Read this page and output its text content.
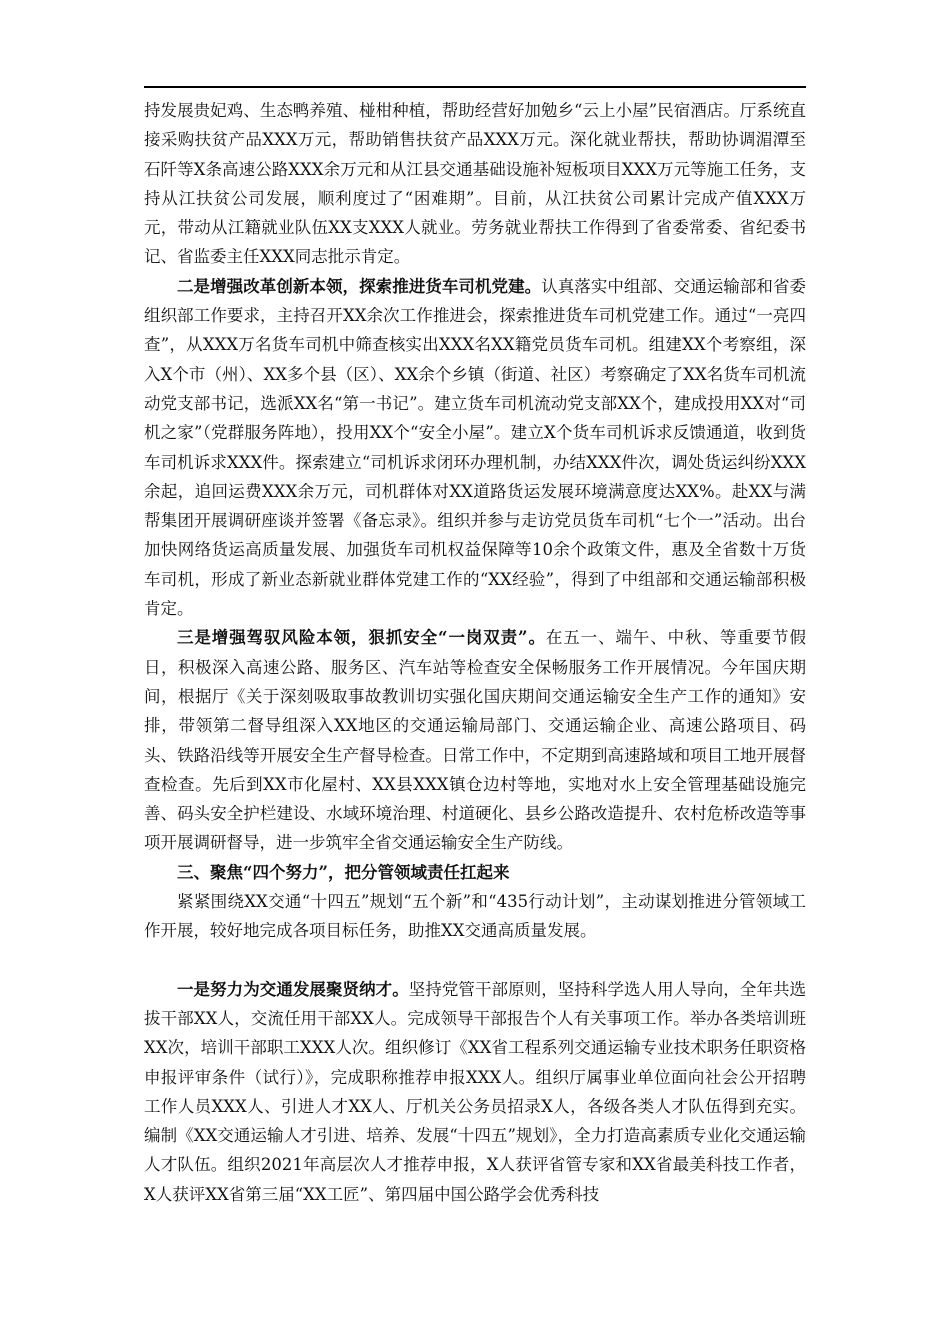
持发展贵妃鸡、生态鸭养殖、椪柑种植，帮助经营好加勉乡“云上小屋”民宿酒店。厅系统直接采购扶贫产品XXX万元，帮助销售扶贫产品XXX万元。深化就业帮扶，帮助协调湄潭至石阡等X条高速公路XXX余万元和从江县交通基础设施补短板项目XXX万元等施工任务，支持从江扶贫公司发展，顺利度过了“困难期”。目前，从江扶贫公司累计完成产值XXX万元，带动从江籍就业队伍XX支XXX人就业。劳务就业帮扶工作得到了省委常委、省纪委书记、省监委主任XXX同志批示肯定。

二是增强改革创新本领，探索推进货车司机党建。认真落实中组部、交通运输部和省委组织部工作要求，主持召开XX余次工作推进会，探索推进货车司机党建工作。通过“一亮四查”，从XXX万名货车司机中筛查核实出XXX名XX籍党员货车司机。组建XX个考察组，深入X个市（州）、XX多个县（区）、XX余个乡镇（街道、社区）考察确定了XX名货车司机流动党支部书记，选派XX名“第一书记”。建立货车司机流动党支部XX个，建成投用XX对“司机之家”（党群服务阵地），投用XX个“安全小屋”。建立X个货车司机诉求反馈通道，收到货车司机诉求XXX件。探索建立“司机诉求闭环办理机制，办结XXX件次，调处货运纠纷XXX余起，追回运费XXX余万元，司机群体对XX道路货运发展环境满意度达XX%。赴XX与满帮集团开展调研座谈并签署《备忘录》。组织并参与走访党员货车司机“七个一”活动。出台加快网络货运高质量发展、加强货车司机权益保障等10余个政策文件，惠及全省数十万货车司机，形成了新业态新就业群体党建工作的“XX经验”，得到了中组部和交通运输部积极肯定。

三是增强驾驭风险本领，狠抓安全“一岗双责”。在五一、端午、中秋、等重要节假日，积极深入高速公路、服务区、汽车站等检查安全保畅服务工作开展情况。今年国庆期间，根据厅《关于深刻吸取事故教训切实强化国庆期间交通运输安全生产工作的通知》安排，带领第二督导组深入XX地区的交通运输局部门、交通运输企业、高速公路项目、码头、铁路沿线等开展安全生产督导检查。日常工作中，不定期到高速路域和项目工地开展督查检查。先后到XX市化屋村、XX县XXX镇仓边村等地，实地对水上安全管理基础设施完善、码头安全护栏建设、水域环境治理、村道硬化、县乡公路改造提升、农村危桥改造等事项开展调研督导，进一步筑牢全省交通运输安全生产防线。

三、聚焦“四个努力”，把分管领域责任扛起来

紧紧围绕XX交通“十四五”规划“五个新”和“435行动计划”，主动谋划推进分管领域工作开展，较好地完成各项目标任务，助推XX交通高质量发展。

一是努力为交通发展聚贤纳才。坚持党管干部原则，坚持科学选人用人导向，全年共选拔干部XX人，交流任用干部XX人。完成领导干部报告个人有关事项工作。举办各类培训班XX次，培训干部职工XXX人次。组织修订《XX省工程系列交通运输专业技术职务任职资格申报评审条件（试行）》，完成职称推荐申报XXX人。组织厅属事业单位面向社会公开招聘工作人员XXX人、引进人才XX人、厅机关公务员招录X人，各级各类人才队伍得到充实。编制《XX交通运输人才引进、培养、发展“十四五”规划》，全力打造高素质专业化交通运输人才队伍。组织2021年高层次人才推荐申报，X人获评省管专家和XX省最美科技工作者，X人获评XX省第三届“XX工匠”、第四届中国公路学会优秀科技
